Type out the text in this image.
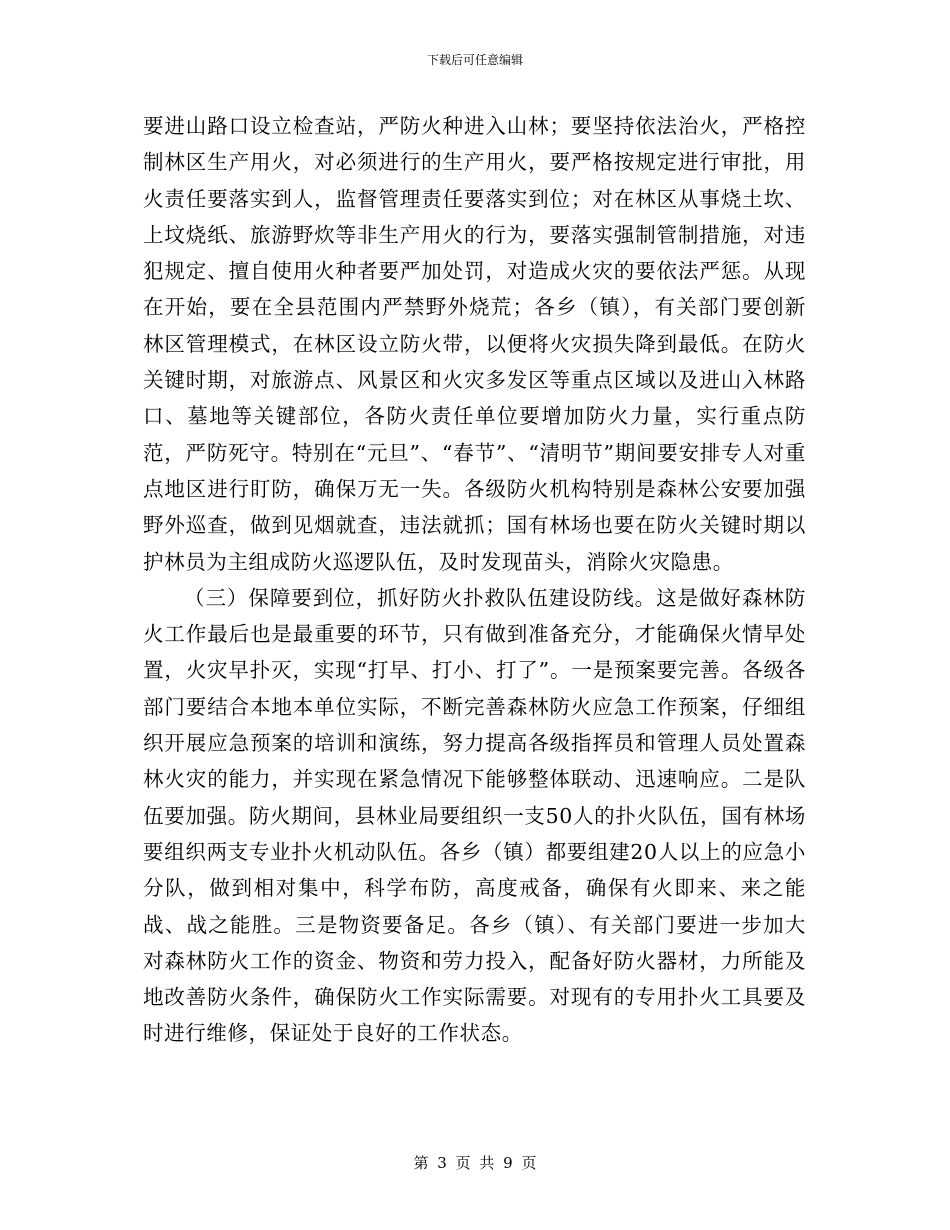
下载后可任意编辑

要进山路口设立检查站，严防火种进入山林；要坚持依法治火，严格控制林区生产用火，对必须进行的生产用火，要严格按规定进行审批，用火责任要落实到人，监督管理责任要落实到位；对在林区从事烧土坎、上坟烧纸、旅游野炊等非生产用火的行为，要落实强制管制措施，对违犯规定、擅自使用火种者要严加处罚，对造成火灾的要依法严惩。从现在开始，要在全县范围内严禁野外烧荒；各乡（镇），有关部门要创新林区管理模式，在林区设立防火带，以便将火灾损失降到最低。在防火关键时期，对旅游点、风景区和火灾多发区等重点区域以及进山入林路口、墓地等关键部位，各防火责任单位要增加防火力量，实行重点防范，严防死守。特别在“元旦”、“春节”、“清明节”期间要安排专人对重点地区进行盯防，确保万无一失。各级防火机构特别是森林公安要加强野外巡查，做到见烟就查，违法就抓；国有林场也要在防火关键时期以护林员为主组成防火巡逻队伍，及时发现苗头，消除火灾隐患。

（三）保障要到位，抓好防火扑救队伍建设防线。这是做好森林防火工作最后也是最重要的环节，只有做到准备充分，才能确保火情早处置，火灾早扑灭，实现“打早、打小、打了”。一是预案要完善。各级各部门要结合本地本单位实际，不断完善森林防火应急工作预案，仔细组织开展应急预案的培训和演练，努力提高各级指挥员和管理人员处置森林火灾的能力，并实现在紧急情况下能够整体联动、迅速响应。二是队伍要加强。防火期间，县林业局要组织一支50人的扑火队伍，国有林场要组织两支专业扑火机动队伍。各乡（镇）都要组建20人以上的应急小分队，做到相对集中，科学布防，高度戒备，确保有火即来、来之能战、战之能胜。三是物资要备足。各乡（镇）、有关部门要进一步加大对森林防火工作的资金、物资和劳力投入，配备好防火器材，力所能及地改善防火条件，确保防火工作实际需要。对现有的专用扑火工具要及时进行维修，保证处于良好的工作状态。

第 3 页 共 9 页
